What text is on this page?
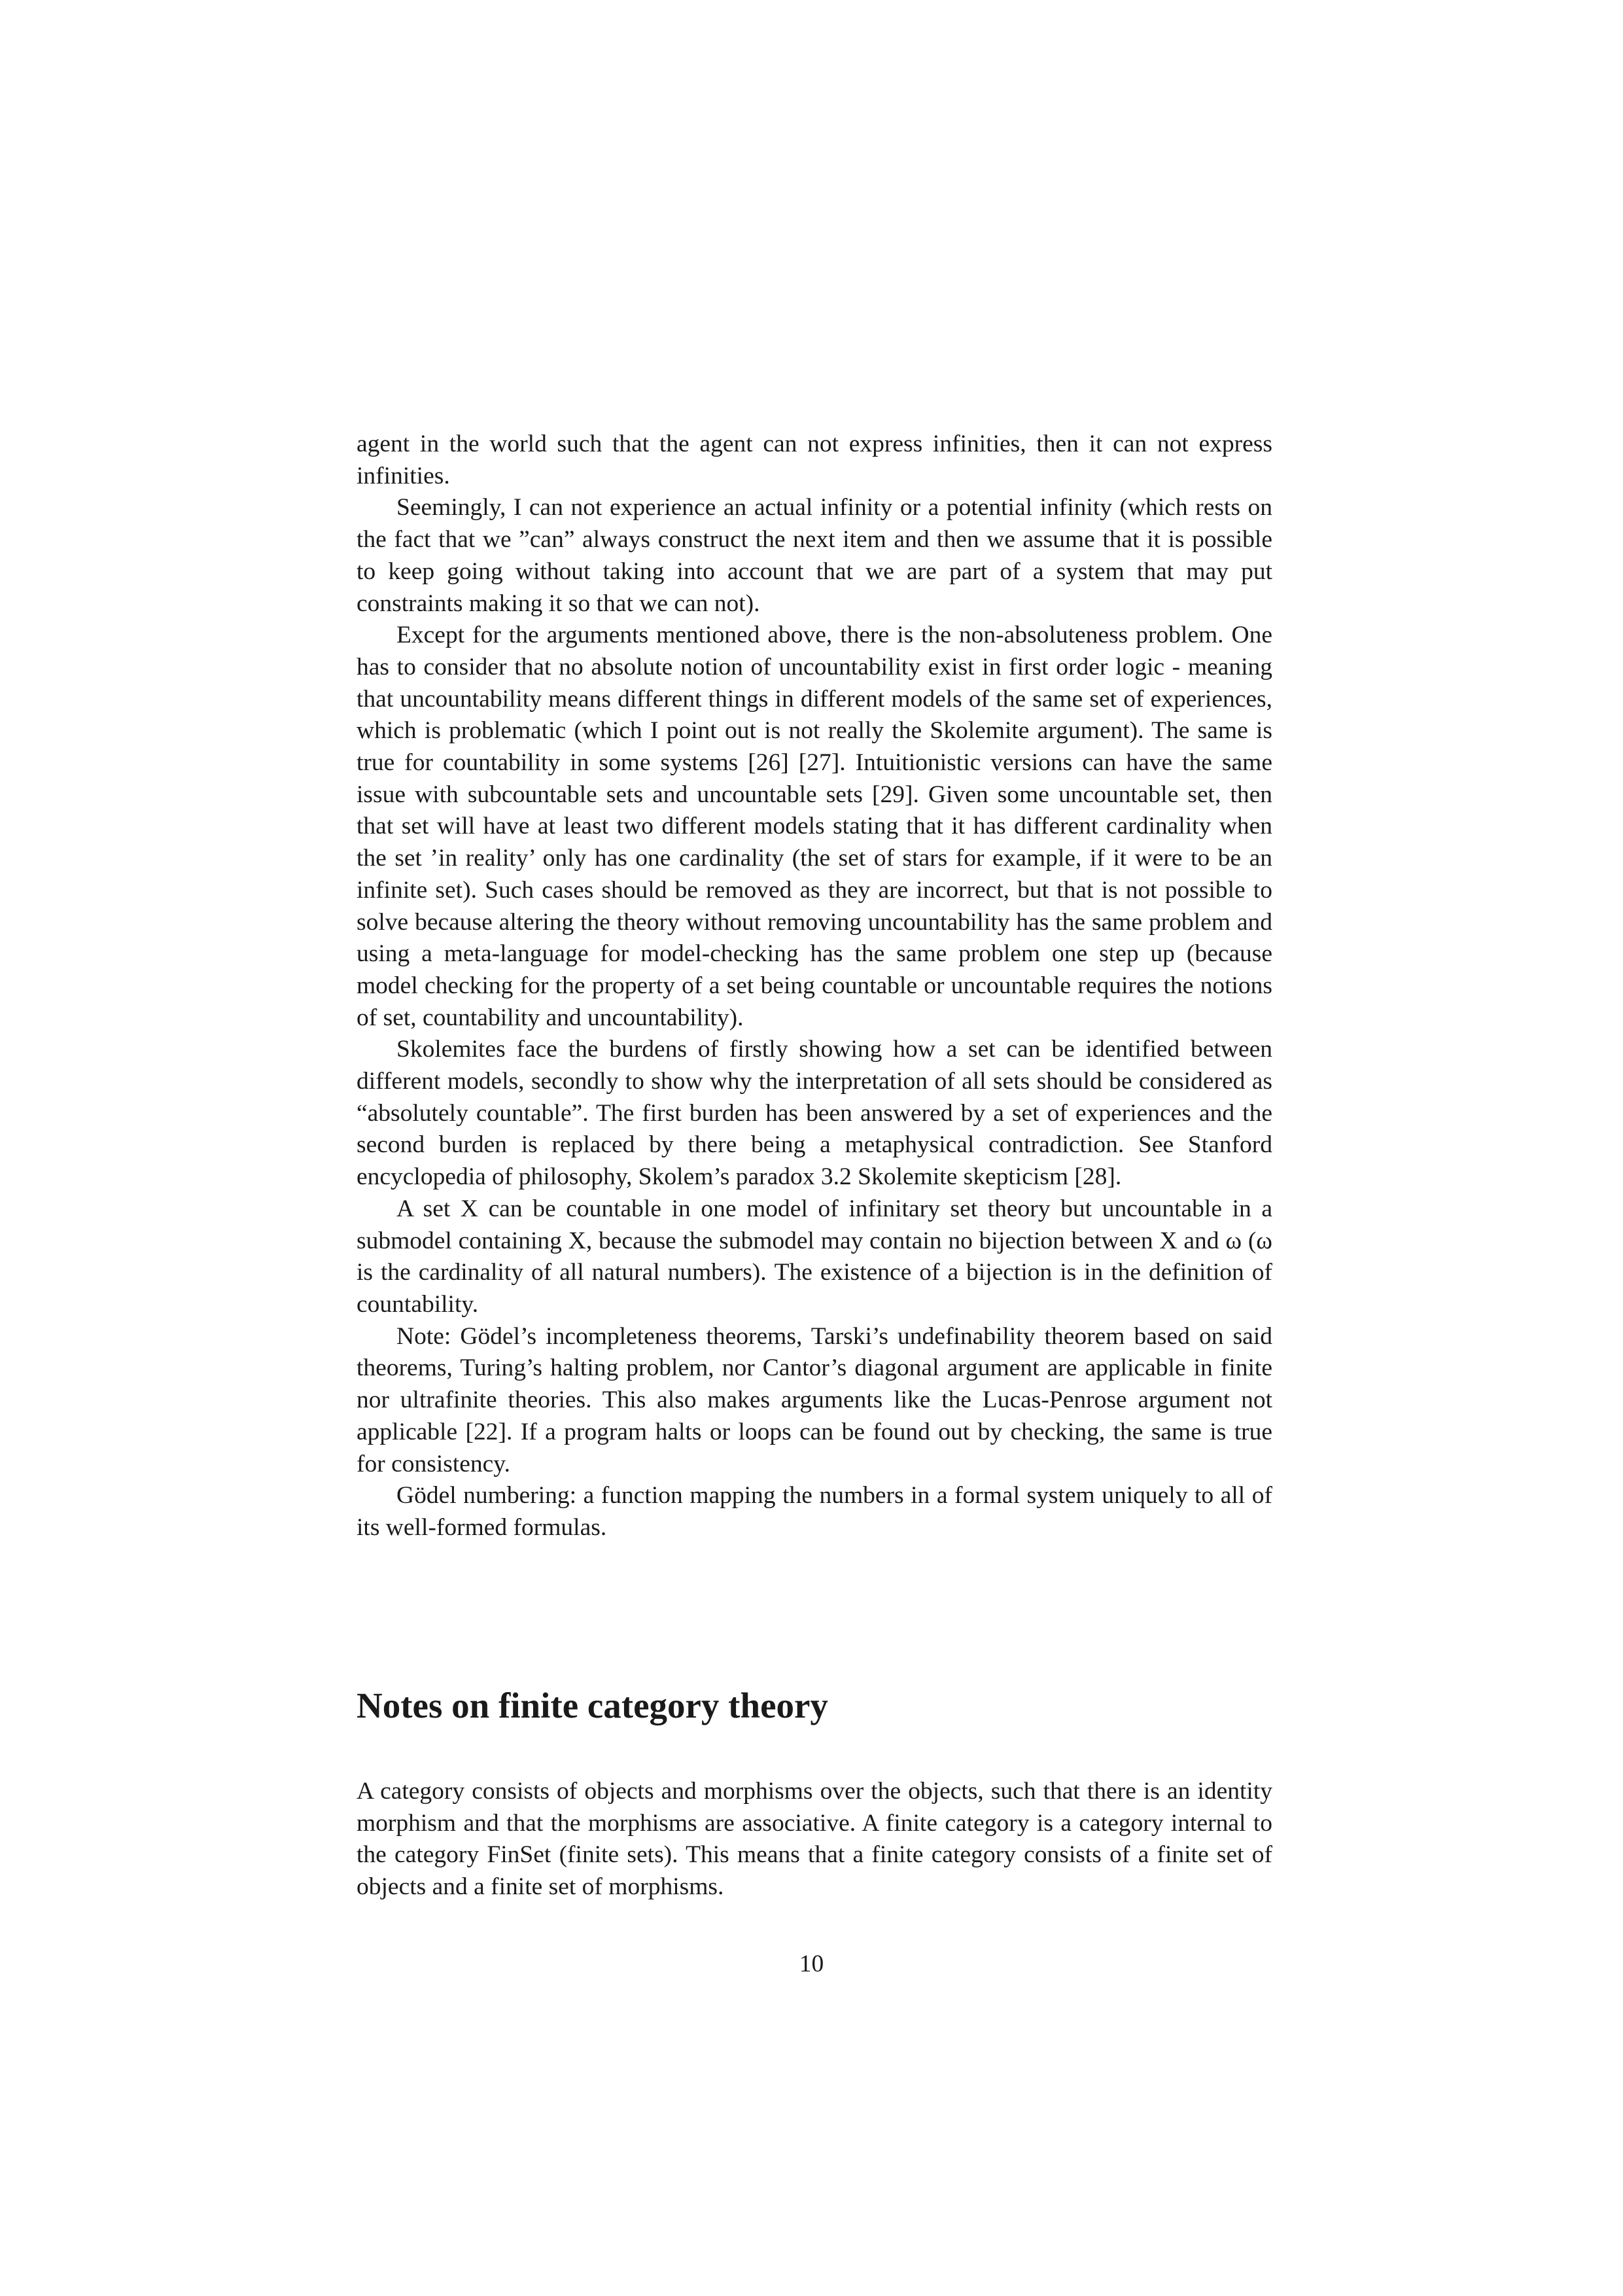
agent in the world such that the agent can not express infinities, then it can not express infinities.

Seemingly, I can not experience an actual infinity or a potential infinity (which rests on the fact that we ”can” always construct the next item and then we assume that it is possible to keep going without taking into account that we are part of a system that may put constraints making it so that we can not).

Except for the arguments mentioned above, there is the non-absoluteness problem. One has to consider that no absolute notion of uncountability exist in first order logic - meaning that uncountability means different things in different models of the same set of experiences, which is problematic (which I point out is not really the Skolemite argument). The same is true for countability in some systems [26] [27]. Intuitionistic versions can have the same issue with subcountable sets and uncountable sets [29]. Given some uncountable set, then that set will have at least two different models stating that it has different cardinality when the set ’in reality’ only has one cardinality (the set of stars for example, if it were to be an infinite set). Such cases should be removed as they are incorrect, but that is not possible to solve because altering the theory without removing uncountability has the same problem and using a meta-language for model-checking has the same problem one step up (because model checking for the property of a set being countable or uncountable requires the notions of set, countability and uncountability).

Skolemites face the burdens of firstly showing how a set can be identified between different models, secondly to show why the interpretation of all sets should be considered as “absolutely countable”. The first burden has been answered by a set of experiences and the second burden is replaced by there being a metaphysical contradiction. See Stanford encyclopedia of philosophy, Skolem’s paradox 3.2 Skolemite skepticism [28].

A set X can be countable in one model of infinitary set theory but uncountable in a submodel containing X, because the submodel may contain no bijection between X and ω (ω is the cardinality of all natural numbers). The existence of a bijection is in the definition of countability.

Note: Gödel’s incompleteness theorems, Tarski’s undefinability theorem based on said theorems, Turing’s halting problem, nor Cantor’s diagonal argument are applicable in finite nor ultrafinite theories. This also makes arguments like the Lucas-Penrose argument not applicable [22]. If a program halts or loops can be found out by checking, the same is true for consistency.

Gödel numbering: a function mapping the numbers in a formal system uniquely to all of its well-formed formulas.

Notes on finite category theory

A category consists of objects and morphisms over the objects, such that there is an identity morphism and that the morphisms are associative. A finite category is a category internal to the category FinSet (finite sets). This means that a finite category consists of a finite set of objects and a finite set of morphisms.

10
